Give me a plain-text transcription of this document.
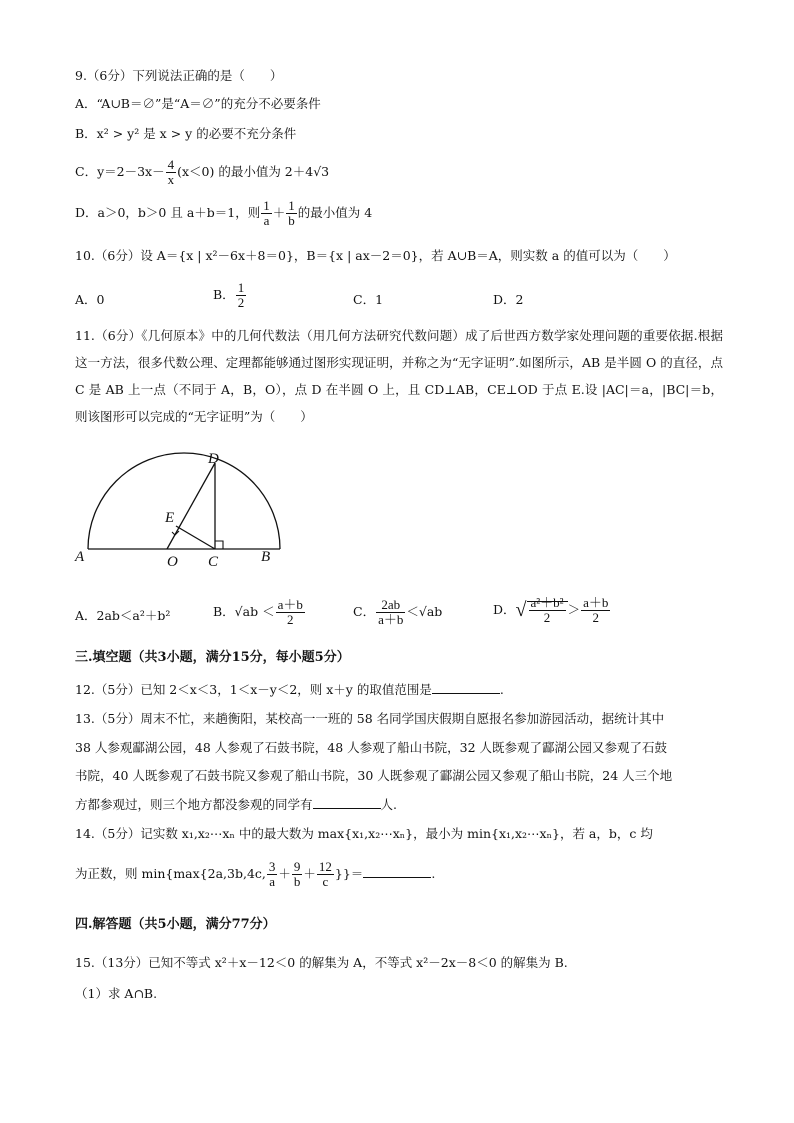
9.（6分）下列说法正确的是（　　）
A．“A∪B＝∅”是“A＝∅”的充分不必要条件
B．x² > y² 是 x > y 的必要不充分条件
C．$y=2-3x- \frac{4}{x} (x<0)$ 的最小值为 2＋4√3
D．a＞0，b＞0 且 a＋b＝1，则 $\frac{1}{a} + \frac{1}{b}$ 的最小值为 4
10.（6分）设 A＝{x | x²－6x＋8＝0}，B＝{x | ax－2＝0}，若 A∪B＝A，则实数 a 的值可以为（　　）
A．0	B． $\frac{1}{2}$	C．1	D．2
11.（6分）《几何原本》中的几何代数法（用几何方法研究代数问题）成了后世西方数学家处理问题的重要依据.根据这一方法，很多代数公理、定理都能够通过图形实现证明，并称之为“无字证明”.如图所示，AB 是半圆 O 的直径，点 C 是 AB 上一点（不同于 A，B，O），点 D 在半圆 O 上，且 CD⊥AB，CE⊥OD 于点 E.设 |AC|＝a，|BC|＝b，则该图形可以完成的“无字证明”为（　　）
A	B
C
D
E
O
A．2ab＜a²＋b²	B．$√ab < \frac{a+b}{2}$	C． $\frac{2ab}{a+b} <√ab$	D．√ $\frac{\text{a²＋b²}}{2} > \frac{a+b}{2}$
三.填空题（共3小题，满分15分，每小题5分）
12.（5分）已知 2＜x＜3，1＜x－y＜2，则 x＋y 的取值范围是	.
13.（5分）周末不忙，来趟衡阳，某校高一一班的 58 名同学国庆假期自愿报名参加游园活动，据统计其中
38 人参观酃湖公园，48 人参观了石鼓书院，48 人参观了船山书院，32 人既参观了酃湖公园又参观了石鼓
书院，40 人既参观了石鼓书院又参观了船山书院，30 人既参观了酃湖公园又参观了船山书院，24 人三个地
方都参观过，则三个地方都没参观的同学有	人.
14.（5分）记实数 x₁,x₂⋯xₙ 中的最大数为 max{x₁,x₂⋯xₙ}，最小为 min{x₁,x₂⋯xₙ}，若 a，b，c 均
为正数，则 min{max{2a,3b,4c, $\frac{3}{a} + \frac{9}{b} + \frac{12}{c}$ }}＝	.
四.解答题（共5小题，满分77分）
15.（13分）已知不等式 x²＋x－12＜0 的解集为 A，不等式 x²－2x－8＜0 的解集为 B.
（1）求 A∩B.
